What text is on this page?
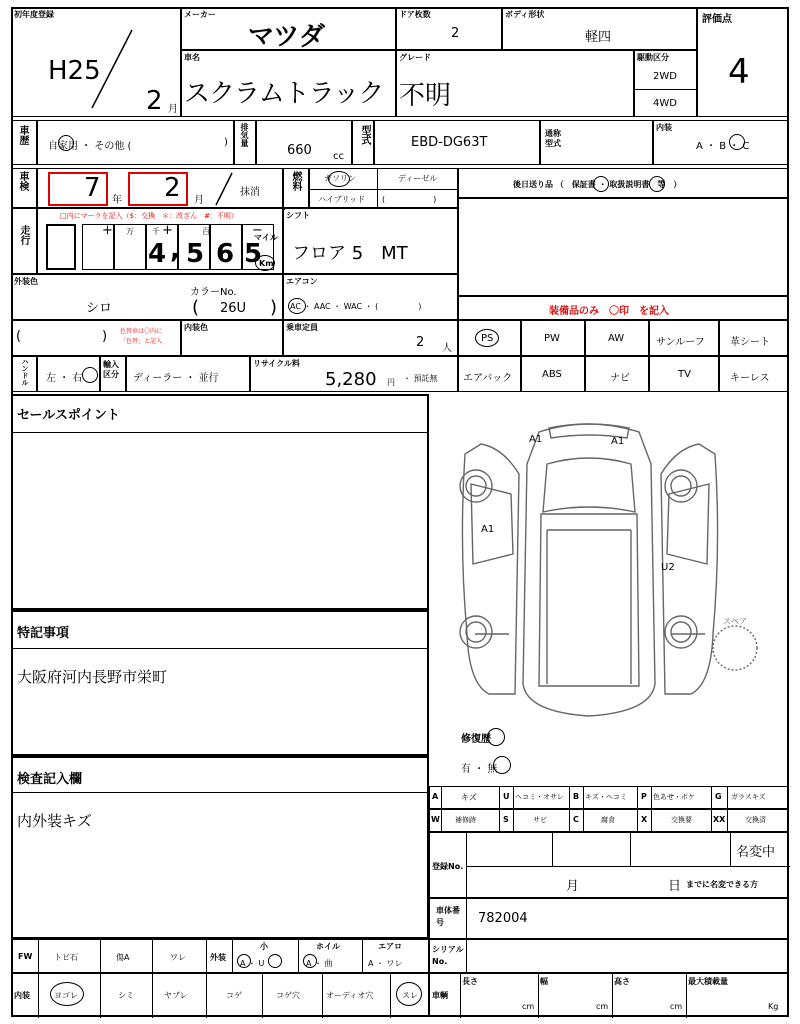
初年度登録
H25
2 月
メーカー
マツダ
ドア枚数
2
ボディ形状
軽四
評価点
4
車名
スクラムトラック
グレード
不明
駆動区分
2WD
4WD
車歴
自家用 ・ その他 (	) 排気量
660 cc
型式	EBD-DG63T
通称型式
内装
A ・ B ・ C
車検 7 年 2 月
抹消
燃料	ガソリン	ディーゼル
ハイブリッド (　　　　　　)
後日送り品 （　保証書 ・ 取扱説明書　等　）
走行
□内にマークを記入（$：交換　＊：改ざん　#：不明）
+ 万 千 +	百	−
4 , 5 6 5
マイル
Km
シフト
フロア 5　MT
外装色
シロ
カラーNo.
( 26U )
エアコン
AC ・ AAC ・ WAC ・ (　　　　　)	装備品のみ　〇印　を記入
(	) 色替車は〇内に「色替」と記入
内装色	乗車定員
2 人
PS	PW	AW	サンルーフ	革シート
ハンドル 左 ・ 右
輸入区分	ディーラー ・ 並行
リサイクル料
5,280 円 ・ 預託無	エアバック	ABS	ナビ	TV	キーレス
セールスポイント
特記事項
大阪府河内長野市栄町
検査記入欄
内外装キズ
A1	A1
A1
U2
スペア
修復歴
有 ・ 無
A	キズ	U ヘコミ・オサレ B キズ・ヘコミ P 色あせ・ボケ	G ガラスキズ
W 補修跡	S	サビ	C	腐食	X	交換要	XX	交換済
登録No.
名変中
月	日 までに名変できる方
車体番号	782004
FW	トビ石	傷A	ワレ	外装
小	ホイル	エアロ
A ・ U	A ・ 曲	A ・ ワレ
シリアルNo.
内装	ヨゴレ	シミ	ヤブレ	コゲ	コゲ穴	オーディオ穴	スレ 車輌
長さ
cm
幅
cm
高さ
cm
最大積載量
Kg
